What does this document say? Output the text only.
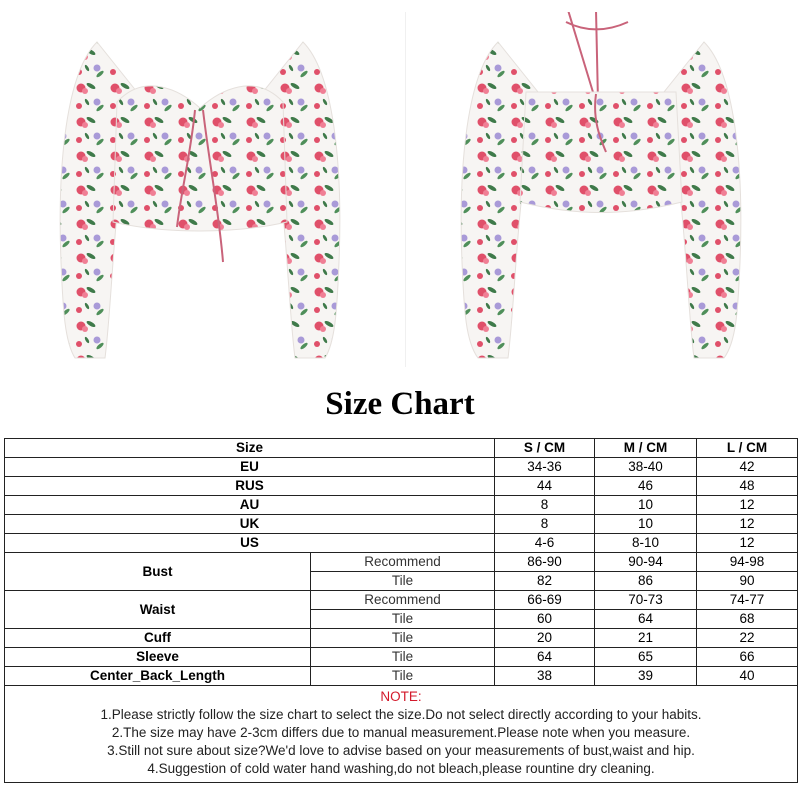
Size Chart
Size		S / CM	M / CM	L / CM
EU		34-36	38-40	42
RUS		44	46	48
AU		8	10	12
UK		8	10	12
US		4-6	8-10	12
Bust	Recommend	86-90	90-94	94-98
	Tile	82	86	90
Waist	Recommend	66-69	70-73	74-77
	Tile	60	64	68
Cuff	Tile	20	21	22
Sleeve	Tile	64	65	66
Center_Back_Length	Tile	38	39	40

NOTE:
1.Please strictly follow the size chart to select the size.Do not select directly according to your habits.
2.The size may have 2-3cm differs due to manual measurement.Please note when you measure.
3.Still not sure about size?We'd love to advise based on your measurements of bust,waist and hip.
4.Suggestion of cold water hand washing,do not bleach,please rountine dry cleaning.				
